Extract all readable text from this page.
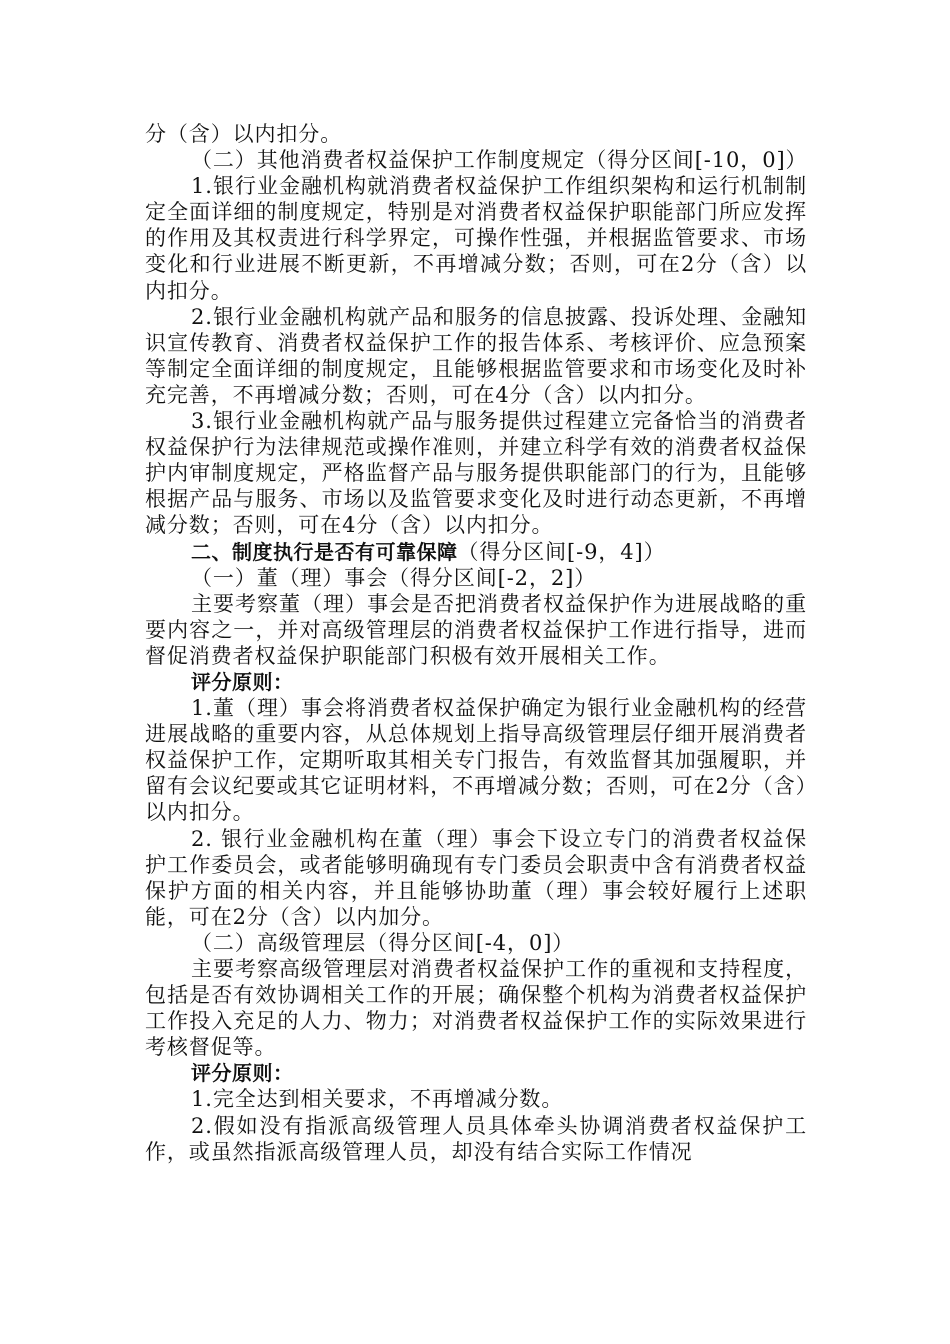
分（含）以内扣分。

（二）其他消费者权益保护工作制度规定（得分区间[-10，0]）

1.银行业金融机构就消费者权益保护工作组织架构和运行机制制定全面详细的制度规定，特别是对消费者权益保护职能部门所应发挥的作用及其权责进行科学界定，可操作性强，并根据监管要求、市场变化和行业进展不断更新，不再增减分数；否则，可在2分（含）以内扣分。

2.银行业金融机构就产品和服务的信息披露、投诉处理、金融知识宣传教育、消费者权益保护工作的报告体系、考核评价、应急预案等制定全面详细的制度规定，且能够根据监管要求和市场变化及时补充完善，不再增减分数；否则，可在4分（含）以内扣分。

3.银行业金融机构就产品与服务提供过程建立完备恰当的消费者权益保护行为法律规范或操作准则，并建立科学有效的消费者权益保护内审制度规定，严格监督产品与服务提供职能部门的行为，且能够根据产品与服务、市场以及监管要求变化及时进行动态更新，不再增减分数；否则，可在4分（含）以内扣分。

二、制度执行是否有可靠保障（得分区间[-9，4]）

（一）董（理）事会（得分区间[-2，2]）

主要考察董（理）事会是否把消费者权益保护作为进展战略的重要内容之一，并对高级管理层的消费者权益保护工作进行指导，进而督促消费者权益保护职能部门积极有效开展相关工作。

评分原则：

1.董（理）事会将消费者权益保护确定为银行业金融机构的经营进展战略的重要内容，从总体规划上指导高级管理层仔细开展消费者权益保护工作，定期听取其相关专门报告，有效监督其加强履职，并留有会议纪要或其它证明材料，不再增减分数；否则，可在2分（含）以内扣分。

2. 银行业金融机构在董（理）事会下设立专门的消费者权益保护工作委员会，或者能够明确现有专门委员会职责中含有消费者权益保护方面的相关内容，并且能够协助董（理）事会较好履行上述职能，可在2分（含）以内加分。

（二）高级管理层（得分区间[-4，0]）

主要考察高级管理层对消费者权益保护工作的重视和支持程度，包括是否有效协调相关工作的开展；确保整个机构为消费者权益保护工作投入充足的人力、物力；对消费者权益保护工作的实际效果进行考核督促等。

评分原则：

1.完全达到相关要求，不再增减分数。

2.假如没有指派高级管理人员具体牵头协调消费者权益保护工作，或虽然指派高级管理人员，却没有结合实际工作情况
